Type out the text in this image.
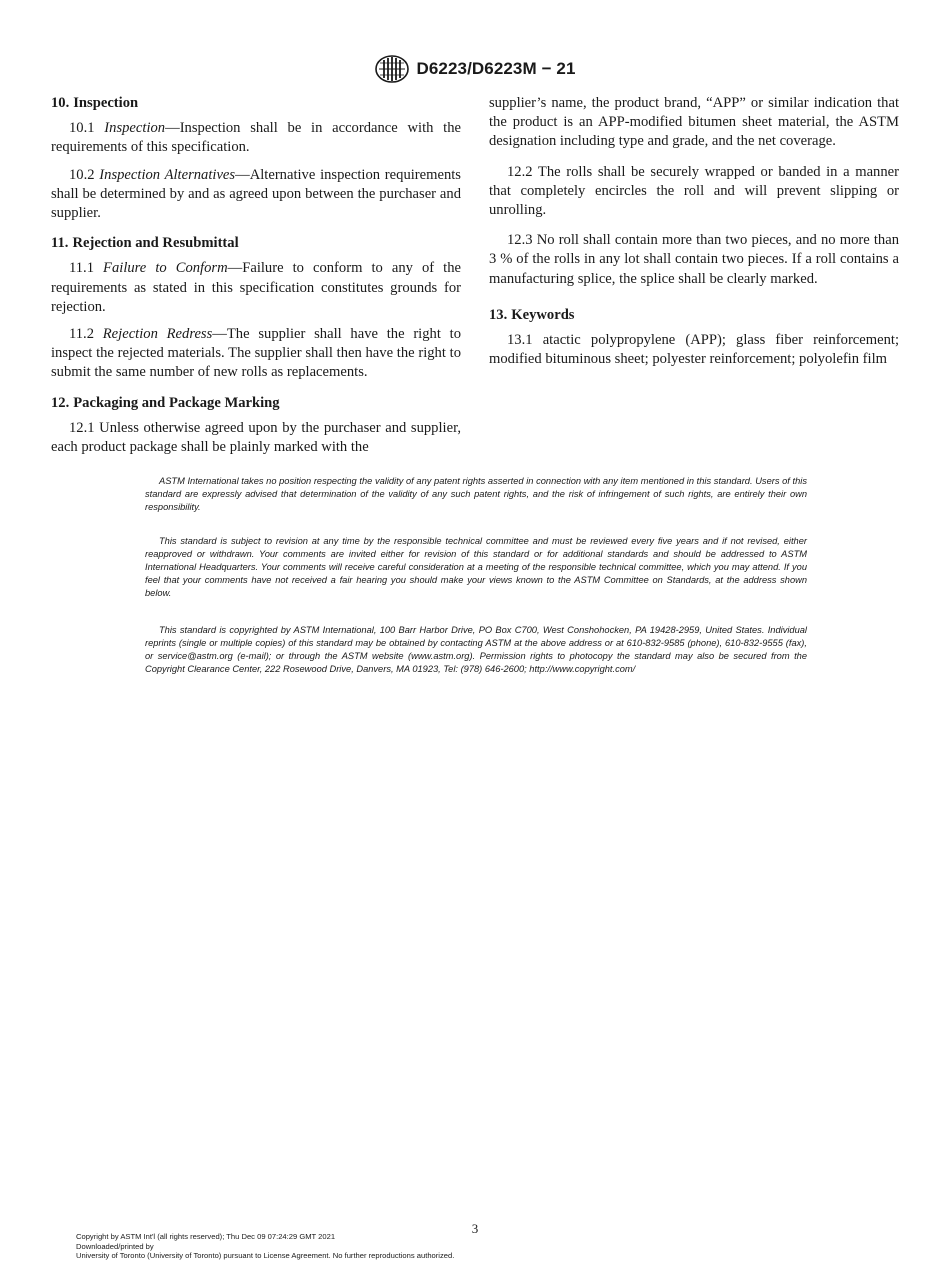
D6223/D6223M − 21
10. Inspection

10.1 Inspection—Inspection shall be in accordance with the requirements of this specification.

10.2 Inspection Alternatives—Alternative inspection requirements shall be determined by and as agreed upon between the purchaser and supplier.

11. Rejection and Resubmittal

11.1 Failure to Conform—Failure to conform to any of the requirements as stated in this specification constitutes grounds for rejection.

11.2 Rejection Redress—The supplier shall have the right to inspect the rejected materials. The supplier shall then have the right to submit the same number of new rolls as replacements.

12. Packaging and Package Marking

12.1 Unless otherwise agreed upon by the purchaser and supplier, each product package shall be plainly marked with the

supplier’s name, the product brand, “APP” or similar indication that the product is an APP-modified bitumen sheet material, the ASTM designation including type and grade, and the net coverage.

12.2 The rolls shall be securely wrapped or banded in a manner that completely encircles the roll and will prevent slipping or unrolling.

12.3 No roll shall contain more than two pieces, and no more than 3 % of the rolls in any lot shall contain two pieces. If a roll contains a manufacturing splice, the splice shall be clearly marked.

13. Keywords

13.1 atactic polypropylene (APP); glass fiber reinforcement; modified bituminous sheet; polyester reinforcement; polyolefin film

ASTM International takes no position respecting the validity of any patent rights asserted in connection with any item mentioned in this standard. Users of this standard are expressly advised that determination of the validity of any such patent rights, and the risk of infringement of such rights, are entirely their own responsibility.

This standard is subject to revision at any time by the responsible technical committee and must be reviewed every five years and if not revised, either reapproved or withdrawn. Your comments are invited either for revision of this standard or for additional standards and should be addressed to ASTM International Headquarters. Your comments will receive careful consideration at a meeting of the responsible technical committee, which you may attend. If you feel that your comments have not received a fair hearing you should make your views known to the ASTM Committee on Standards, at the address shown below.

This standard is copyrighted by ASTM International, 100 Barr Harbor Drive, PO Box C700, West Conshohocken, PA 19428-2959, United States. Individual reprints (single or multiple copies) of this standard may be obtained by contacting ASTM at the above address or at 610-832-9585 (phone), 610-832-9555 (fax), or service@astm.org (e-mail); or through the ASTM website (www.astm.org). Permission rights to photocopy the standard may also be secured from the Copyright Clearance Center, 222 Rosewood Drive, Danvers, MA 01923, Tel: (978) 646-2600; http://www.copyright.com/

3
Copyright by ASTM Int'l (all rights reserved); Thu Dec 09 07:24:29 GMT 2021
Downloaded/printed by
University of Toronto (University of Toronto) pursuant to License Agreement. No further reproductions authorized.
